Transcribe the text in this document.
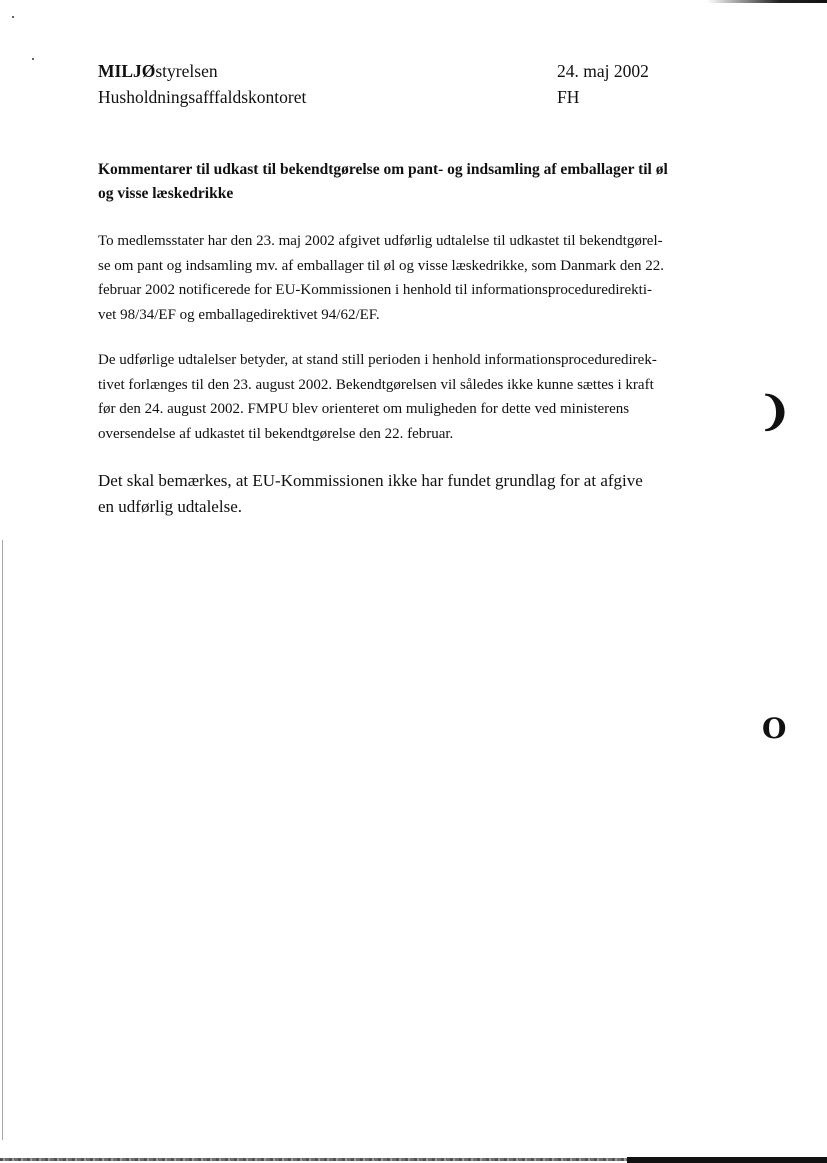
MILJØstyrelsen
Husholdningsafffaldskontoret
24. maj 2002
FH
Kommentarer til udkast til bekendtgørelse om pant- og indsamling af emballager til øl
og visse læskedrikke

To medlemsstater har den 23. maj 2002 afgivet udførlig udtalelse til udkastet til bekendtgørel-
se om pant og indsamling mv. af emballager til øl og visse læskedrikke, som Danmark den 22.
februar 2002 notificerede for EU-Kommissionen i henhold til informationsproceduredirekti-
vet 98/34/EF og emballagedirektivet 94/62/EF.

De udførlige udtalelser betyder, at stand still perioden i henhold informationsproceduredirek-
tivet forlænges til den 23. august 2002. Bekendtgørelsen vil således ikke kunne sættes i kraft
før den 24. august 2002. FMPU blev orienteret om muligheden for dette ved ministerens
oversendelse af udkastet til bekendtgørelse den 22. februar.

Det skal bemærkes, at EU-Kommissionen ikke har fundet grundlag for at afgive
en udførlig udtalelse.

❩
O
